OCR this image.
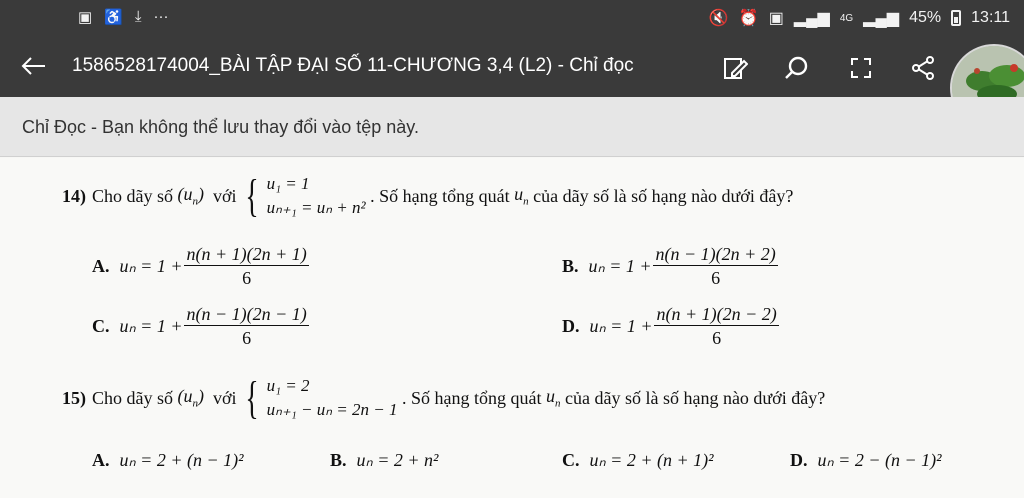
▣ ♿ ⤓ ···	🔇 ⏰ ▣ ▂▄▆ 4G ▂▄▆ 45% 13:11
1586528174004_BÀI TẬP ĐẠI SỐ 11-CHƯƠNG 3,4 (L2) - Chỉ đọc
Chỉ Đọc - Bạn không thể lưu thay đổi vào tệp này.
14) Cho dãy số
$(u_n)$
với { u₁ = 1
uₙ₊₁ = uₙ + n²

. Số hạng tổng quát
$u_n$
của dãy số là số hạng nào dưới đây?
A. $u_n = 1 + \frac{n(n + 1)(2n + 1)}{6}$	B. $u_n = 1 + \frac{n(n - 1)(2n + 2)}{6}$
C. $u_n = 1 + \frac{n(n - 1)(2n - 1)}{6}$	D. $u_n = 1 + \frac{n(n + 1)(2n - 2)}{6}$
15) Cho dãy số
$(u_n)$
với { u₁ = 2
uₙ₊₁ − uₙ = 2n − 1

. Số hạng tổng quát
$u_n$
của dãy số là số hạng nào dưới đây?
A. uₙ = 2 + (n − 1)²	B. uₙ = 2 + n²	C. uₙ = 2 + (n + 1)²	D. uₙ = 2 − (n − 1)²
